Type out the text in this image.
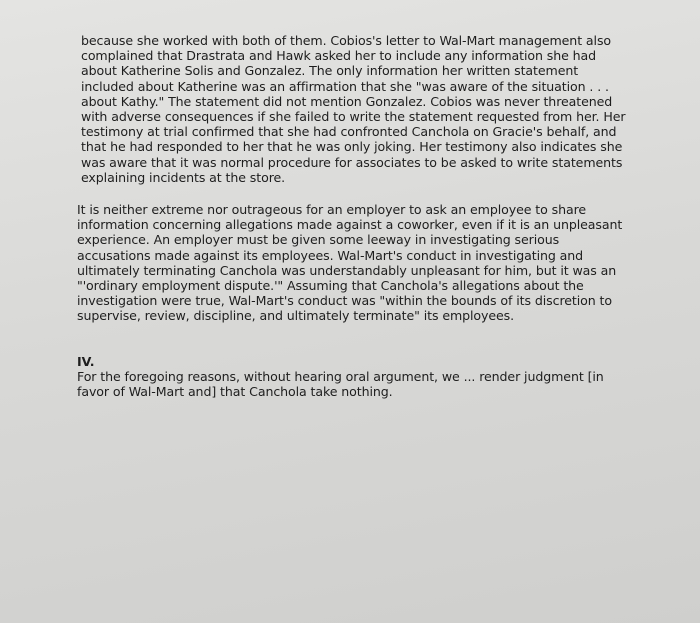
because she worked with both of them. Cobios's letter to Wal-Mart management also complained that Drastrata and Hawk asked her to include any information she had about Katherine Solis and Gonzalez. The only information her written statement included about Katherine was an affirmation that she "was aware of the situation . . . about Kathy." The statement did not mention Gonzalez. Cobios was never threatened with adverse consequences if she failed to write the statement requested from her. Her testimony at trial confirmed that she had confronted Canchola on Gracie's behalf, and that he had responded to her that he was only joking. Her testimony also indicates she was aware that it was normal procedure for associates to be asked to write statements explaining incidents at the store.

It is neither extreme nor outrageous for an employer to ask an employee to share information concerning allegations made against a coworker, even if it is an unpleasant experience. An employer must be given some leeway in investigating serious accusations made against its employees. Wal-Mart's conduct in investigating and ultimately terminating Canchola was understandably unpleasant for him, but it was an "'ordinary employment dispute.'" Assuming that Canchola's allegations about the investigation were true, Wal-Mart's conduct was "within the bounds of its discretion to supervise, review, discipline, and ultimately terminate" its employees.

IV.

For the foregoing reasons, without hearing oral argument, we ... render judgment [in favor of Wal-Mart and] that Canchola take nothing.
